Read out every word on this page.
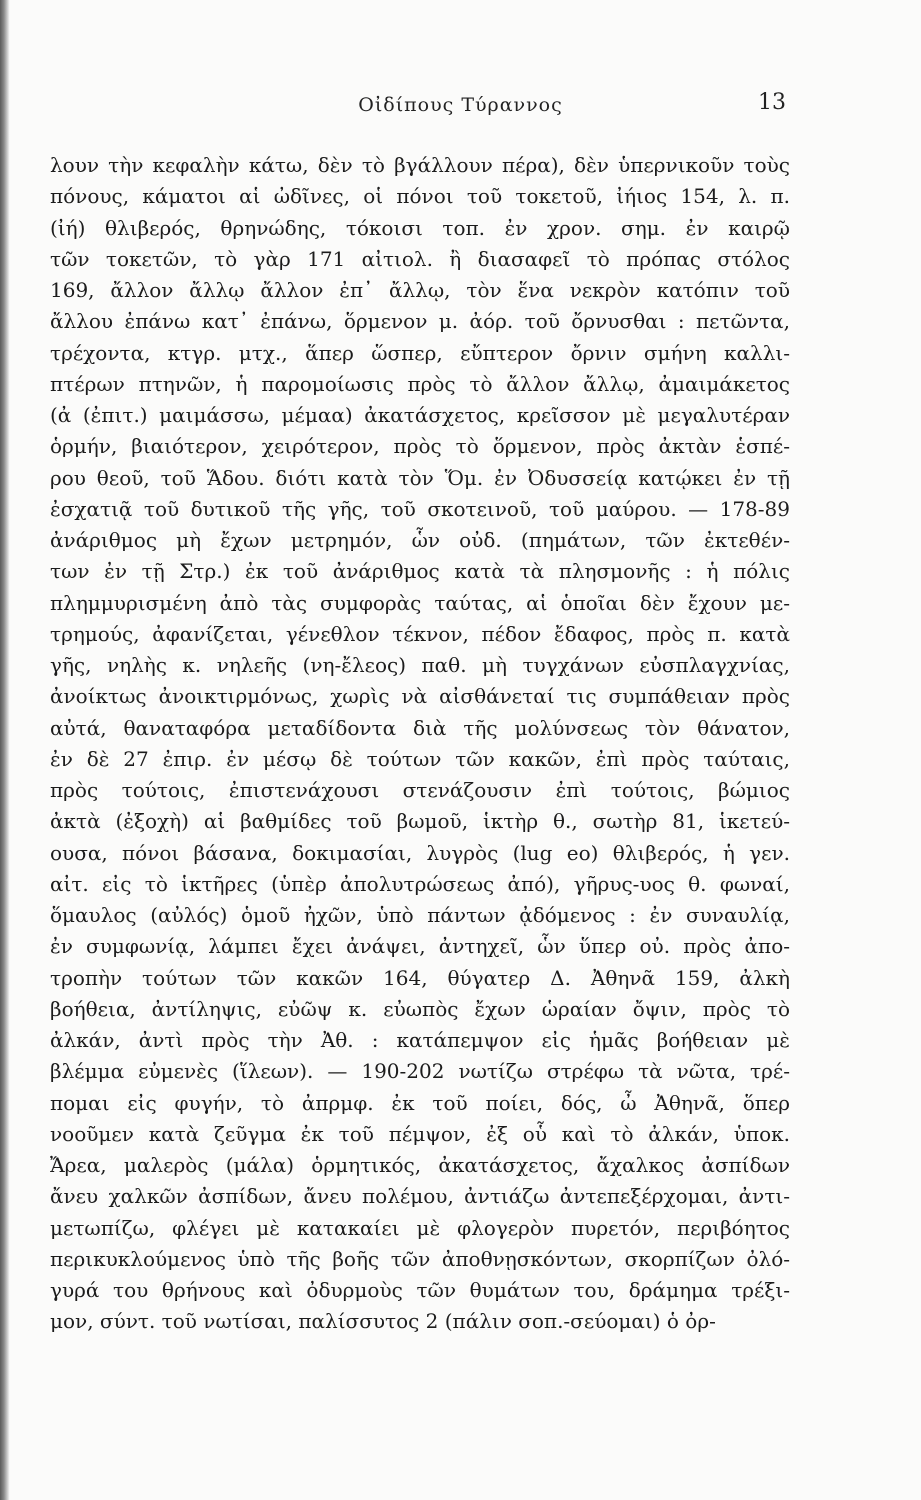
Οἰδίπους Τύραννος	13
λουν τὴν κεφαλὴν κάτω, δὲν τὸ βγάλλουν πέρα), δὲν ὑπερνικοῦν τοὺς
πόνους, κάματοι αἱ ὠδῖνες, οἱ πόνοι τοῦ τοκετοῦ, ἰήιος 154, λ. π.
(ἰή) θλιβερός, θρηνώδης, τόκοισι τοπ. ἐν χρον. σημ. ἐν καιρῷ
τῶν τοκετῶν, τὸ γὰρ 171 αἰτιολ. ἢ διασαφεῖ τὸ πρόπας στόλος
169, ἄλλον ἄλλῳ ἄλλον ἐπ᾿ ἄλλῳ, τὸν ἕνα νεκρὸν κατόπιν τοῦ
ἄλλου ἐπάνω κατ᾿ ἐπάνω, ὅρμενον μ. ἀόρ. τοῦ ὄρνυσθαι : πετῶντα,
τρέχοντα, κτγρ. μτχ., ἅπερ ὥσπερ, εὔπτερον ὄρνιν σμήνη καλλι-
πτέρων πτηνῶν, ἡ παρομοίωσις πρὸς τὸ ἄλλον ἄλλῳ, ἀμαιμάκετος
(ἀ (ἐπιτ.) μαιμάσσω, μέμαα) ἀκατάσχετος, κρεῖσσον μὲ μεγαλυτέραν
ὁρμήν, βιαιότερον, χειρότερον, πρὸς τὸ ὅρμενον, πρὸς ἀκτὰν ἑσπέ-
ρου θεοῦ, τοῦ Ἅδου. διότι κατὰ τὸν Ὅμ. ἐν Ὀδυσσείᾳ κατῴκει ἐν τῇ
ἐσχατιᾷ τοῦ δυτικοῦ τῆς γῆς, τοῦ σκοτεινοῦ, τοῦ μαύρου. — 178-89
ἀνάριθμος μὴ ἔχων μετρημόν, ὧν οὐδ. (πημάτων, τῶν ἐκτεθέν-
των ἐν τῇ Στρ.) ἐκ τοῦ ἀνάριθμος κατὰ τὰ πλησμονῆς : ἡ πόλις
πλημμυρισμένη ἀπὸ τὰς συμφορὰς ταύτας, αἱ ὁποῖαι δὲν ἔχουν με-
τρημούς, ἀφανίζεται, γένεθλον τέκνον, πέδον ἔδαφος, πρὸς π. κατὰ
γῆς, νηλὴς κ. νηλεῆς (νη-ἔλεος) παθ. μὴ τυγχάνων εὐσπλαγχνίας,
ἀνοίκτως ἀνοικτιρμόνως, χωρὶς νὰ αἰσθάνεταί τις συμπάθειαν πρὸς
αὐτά, θαναταφόρα μεταδίδοντα διὰ τῆς μολύνσεως τὸν θάνατον,
ἐν δὲ 27 ἐπιρ. ἐν μέσῳ δὲ τούτων τῶν κακῶν, ἐπὶ πρὸς ταύταις,
πρὸς τούτοις, ἐπιστενάχουσι στενάζουσιν ἐπὶ τούτοις, βώμιος
ἀκτὰ (ἐξοχὴ) αἱ βαθμίδες τοῦ βωμοῦ, ἱκτὴρ θ., σωτὴρ 81, ἱκετεύ-
ουσα, πόνοι βάσανα, δοκιμασίαι, λυγρὸς (lug eo) θλιβερός, ἡ γεν.
αἰτ. εἰς τὸ ἱκτῆρες (ὑπὲρ ἀπολυτρώσεως ἀπό), γῆρυς-υος θ. φωναί,
ὅμαυλος (αὐλός) ὁμοῦ ἠχῶν, ὑπὸ πάντων ᾀδόμενος : ἐν συναυλίᾳ,
ἐν συμφωνίᾳ, λάμπει ἔχει ἀνάψει, ἀντηχεῖ, ὧν ὕπερ οὐ. πρὸς ἀπο-
τροπὴν τούτων τῶν κακῶν 164, θύγατερ Δ. Ἀθηνᾶ 159, ἀλκὴ
βοήθεια, ἀντίληψις, εὐῶψ κ. εὐωπὸς ἔχων ὡραίαν ὄψιν, πρὸς τὸ
ἀλκάν, ἀντὶ πρὸς τὴν Ἀθ. : κατάπεμψον εἰς ἡμᾶς βοήθειαν μὲ
βλέμμα εὐμενὲς (ἵλεων). — 190-202 νωτίζω στρέφω τὰ νῶτα, τρέ-
πομαι εἰς φυγήν, τὸ ἀπρμφ. ἐκ τοῦ ποίει, δός, ὦ Ἀθηνᾶ, ὅπερ
νοοῦμεν κατὰ ζεῦγμα ἐκ τοῦ πέμψον, ἐξ οὗ καὶ τὸ ἀλκάν, ὑποκ.
Ἄρεα, μαλερὸς (μάλα) ὁρμητικός, ἀκατάσχετος, ἄχαλκος ἀσπίδων
ἄνευ χαλκῶν ἀσπίδων, ἄνευ πολέμου, ἀντιάζω ἀντεπεξέρχομαι, ἀντι-
μετωπίζω, φλέγει μὲ κατακαίει μὲ φλογερὸν πυρετόν, περιβόητος
περικυκλούμενος ὑπὸ τῆς βοῆς τῶν ἀποθνῃσκόντων, σκορπίζων ὀλό-
γυρά του θρήνους καὶ ὀδυρμοὺς τῶν θυμάτων του, δράμημα τρέξι-
μον, σύντ. τοῦ νωτίσαι, παλίσσυτος 2 (πάλιν σοπ.-σεύομαι) ὁ ὀρ-
